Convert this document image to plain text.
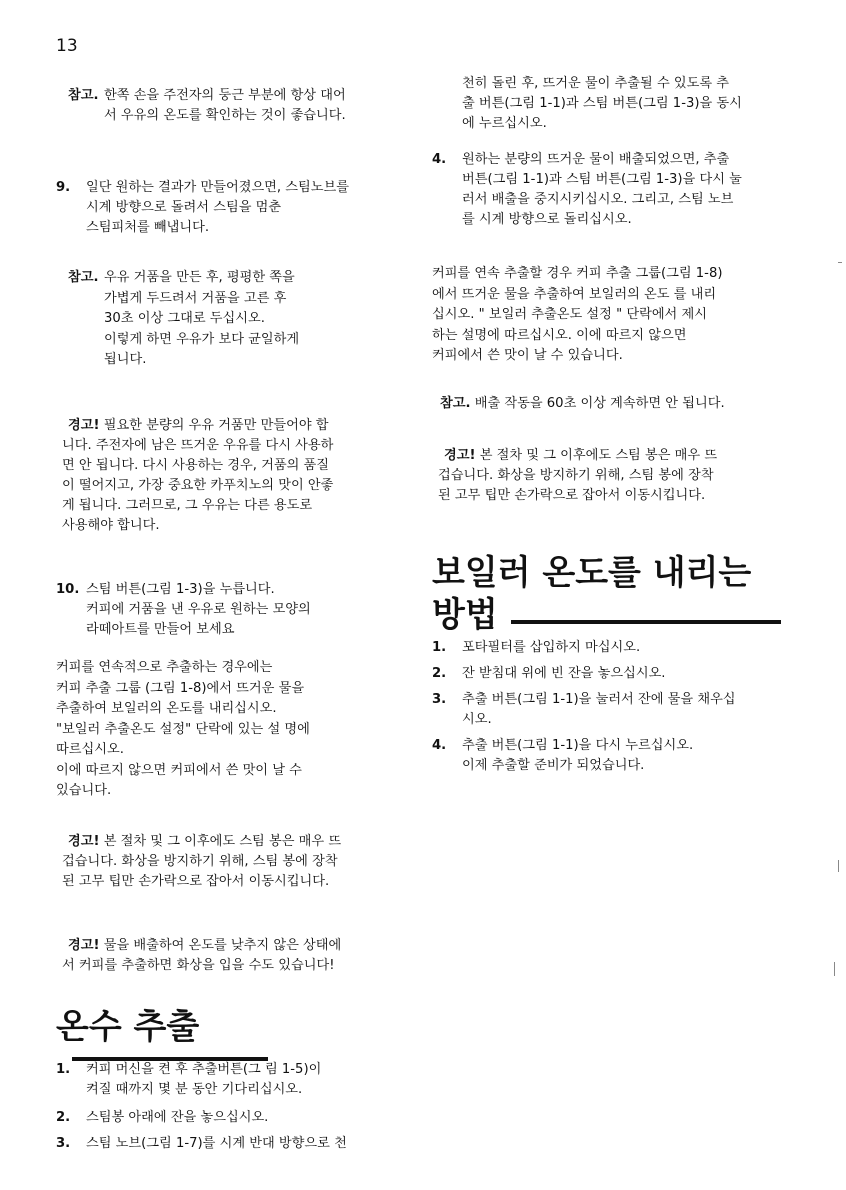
13
참고. 한쪽 손을 주전자의 둥근 부분에 항상 대어
서 우유의 온도를 확인하는 것이 좋습니다.
9. 일단 원하는 결과가 만들어졌으면, 스팀노브를
시계 방향으로 돌려서 스팀을 멈춘
스팀피처를 빼냅니다.
참고. 우유 거품을 만든 후, 평평한 쪽을
가볍게 두드려서 거품을 고른 후
30초 이상 그대로 두십시오.
이렇게 하면 우유가 보다 균일하게
됩니다.
경고! 필요한 분량의 우유 거품만 만들어야 합
니다. 주전자에 남은 뜨거운 우유를 다시 사용하
면 안 됩니다. 다시 사용하는 경우, 거품의 품질
이 떨어지고, 가장 중요한 카푸치노의 맛이 안좋
게 됩니다. 그러므로, 그 우유는 다른 용도로
사용해야 합니다.
10. 스팀 버튼(그림 1-3)을 누릅니다.
커피에 거품을 낸 우유로 원하는 모양의
라떼아트를 만들어 보세요
커피를 연속적으로 추출하는 경우에는
커피 추출 그룹 (그림 1-8)에서 뜨거운 물을
추출하여 보일러의 온도를 내리십시오.
"보일러 추출온도 설정" 단락에 있는 설 명에
따르십시오.
이에 따르지 않으면 커피에서 쓴 맛이 날 수
있습니다.
경고! 본 절차 및 그 이후에도 스팀 봉은 매우 뜨
겁습니다. 화상을 방지하기 위해, 스팀 봉에 장착
된 고무 팁만 손가락으로 잡아서 이동시킵니다.
경고! 물을 배출하여 온도를 낮추지 않은 상태에
서 커피를 추출하면 화상을 입을 수도 있습니다!
온수 추출
1. 커피 머신을 켠 후 추출버튼(그 림 1-5)이
켜질 때까지 몇 분 동안 기다리십시오.
2. 스팀봉 아래에 잔을 놓으십시오.
3. 스팀 노브(그림 1-7)를 시계 반대 방향으로 천
천히 돌린 후, 뜨거운 물이 추출될 수 있도록 추
출 버튼(그림 1-1)과 스팀 버튼(그림 1-3)을 동시
에 누르십시오.
4. 원하는 분량의 뜨거운 물이 배출되었으면, 추출
버튼(그림 1-1)과 스팀 버튼(그림 1-3)을 다시 눌
러서 배출을 중지시키십시오. 그리고, 스팀 노브
를 시계 방향으로 돌리십시오.
커피를 연속 추출할 경우 커피 추출 그룹(그림 1-8)
에서 뜨거운 물을 추출하여 보일러의 온도 를 내리
십시오. " 보일러 추출온도 설정 " 단락에서 제시
하는 설명에 따르십시오. 이에 따르지 않으면
커피에서 쓴 맛이 날 수 있습니다.
참고. 배출 작동을 60초 이상 계속하면 안 됩니다.
경고! 본 절차 및 그 이후에도 스팀 봉은 매우 뜨
겁습니다. 화상을 방지하기 위해, 스팀 봉에 장착
된 고무 팁만 손가락으로 잡아서 이동시킵니다.
보일러 온도를 내리는
방법
1. 포타필터를 삽입하지 마십시오.
2. 잔 받침대 위에 빈 잔을 놓으십시오.
3. 추출 버튼(그림 1-1)을 눌러서 잔에 물을 채우십
시오.
4. 추출 버튼(그림 1-1)을 다시 누르십시오.
이제 추출할 준비가 되었습니다.
